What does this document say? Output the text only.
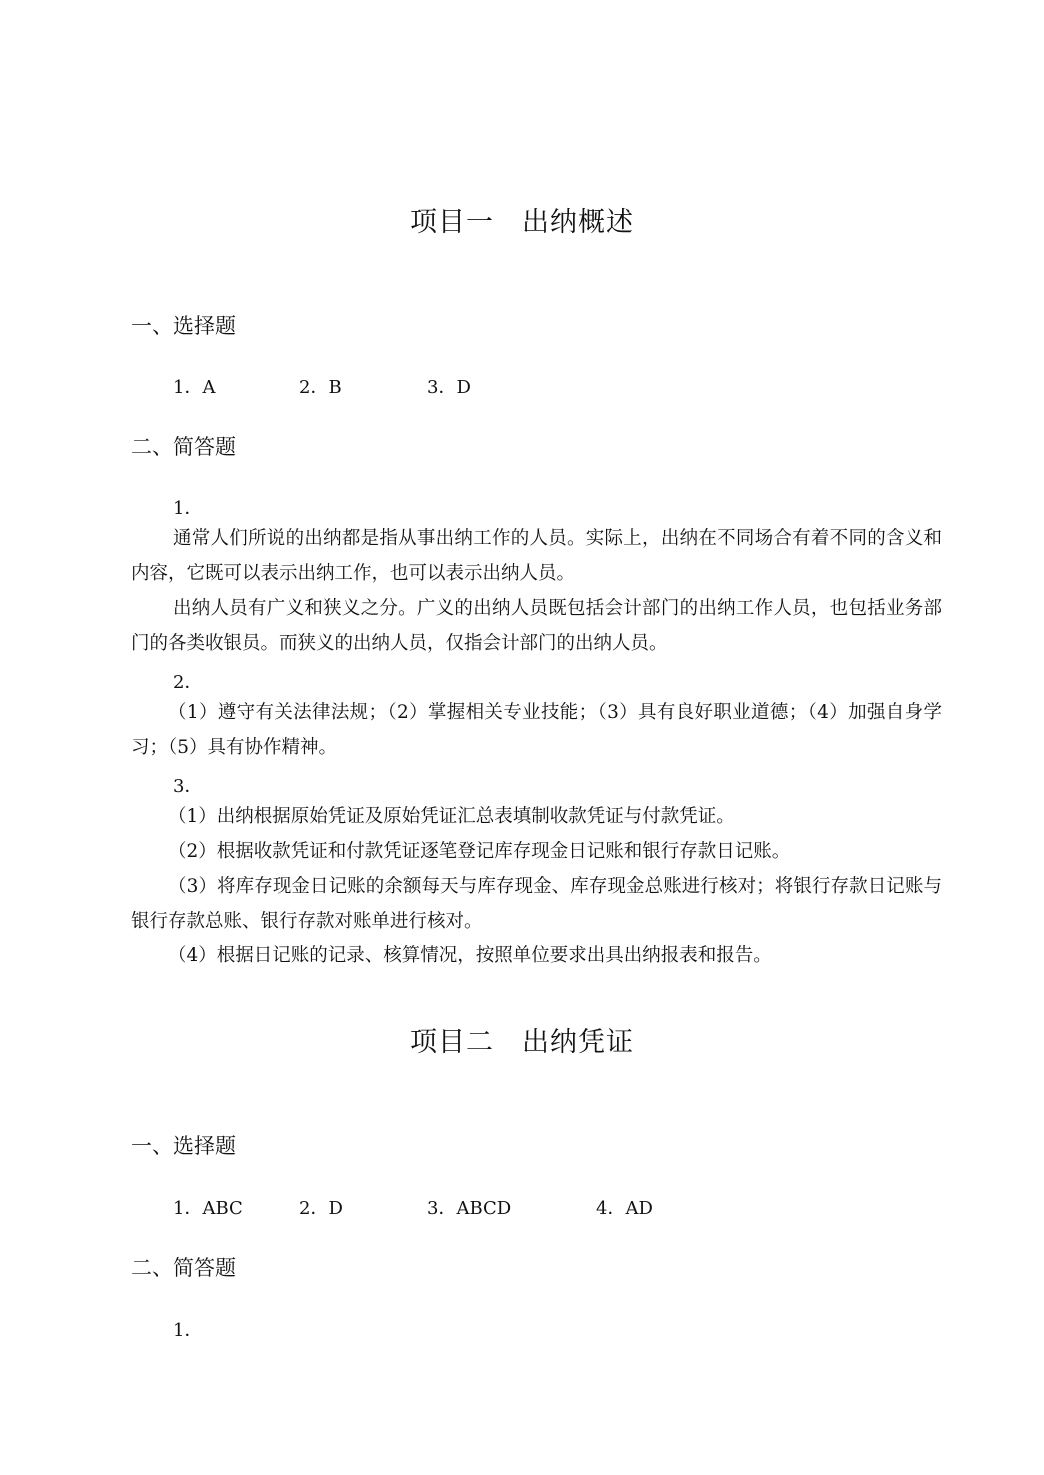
项目一 出纳概述
一、选择题
1．A	2．B	3．D
二、简答题

1．

通常人们所说的出纳都是指从事出纳工作的人员。实际上，出纳在不同场合有着不同的含义和内容，它既可以表示出纳工作，也可以表示出纳人员。

出纳人员有广义和狭义之分。广义的出纳人员既包括会计部门的出纳工作人员，也包括业务部门的各类收银员。而狭义的出纳人员，仅指会计部门的出纳人员。

2．

（1）遵守有关法律法规；（2）掌握相关专业技能；（3）具有良好职业道德；（4）加强自身学习；（5）具有协作精神。

3．

（1）出纳根据原始凭证及原始凭证汇总表填制收款凭证与付款凭证。

（2）根据收款凭证和付款凭证逐笔登记库存现金日记账和银行存款日记账。

（3）将库存现金日记账的余额每天与库存现金、库存现金总账进行核对；将银行存款日记账与银行存款总账、银行存款对账单进行核对。

（4）根据日记账的记录、核算情况，按照单位要求出具出纳报表和报告。

项目二 出纳凭证
一、选择题
1．ABC	2．D	3．ABCD	4．AD
二、简答题

1．
